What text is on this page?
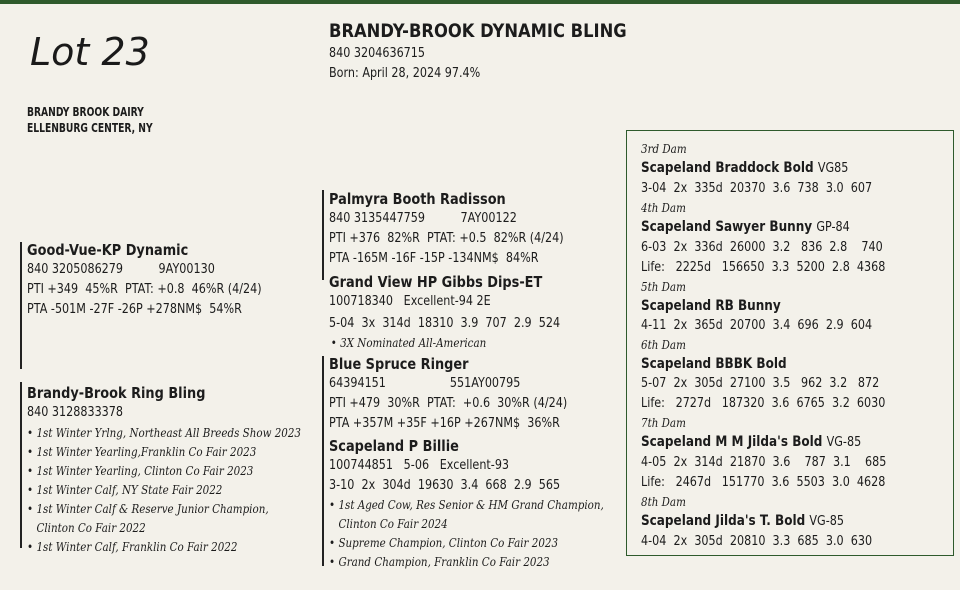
Lot 23
BRANDY BROOK DAIRY
ELLENBURG CENTER, NY
BRANDY-BROOK DYNAMIC BLING
840 3204636715
Born: April 28, 2024 97.4%
Good-Vue-KP Dynamic
840 3205086279          9AY00130
PTI +349  45%R  PTAT: +0.8  46%R (4/24)
PTA -501M -27F -26P +278NM$  54%R
Brandy-Brook Ring Bling
840 3128833378
• 1st Winter Yrlng, Northeast All Breeds Show 2023
• 1st Winter Yearling,Franklin Co Fair 2023
• 1st Winter Yearling, Clinton Co Fair 2023
• 1st Winter Calf, NY State Fair 2022
• 1st Winter Calf & Reserve Junior Champion,
Clinton Co Fair 2022
• 1st Winter Calf, Franklin Co Fair 2022
Palmyra Booth Radisson
840 3135447759          7AY00122
PTI +376  82%R  PTAT: +0.5  82%R (4/24)
PTA -165M -16F -15P -134NM$  84%R
Grand View HP Gibbs Dips-ET
100718340   Excellent-94 2E
5-04  3x  314d  18310  3.9  707  2.9  524
• 3X Nominated All-American
Blue Spruce Ringer
64394151                  551AY00795
PTI +479  30%R  PTAT:  +0.6  30%R (4/24)
PTA +357M +35F +16P +267NM$  36%R
Scapeland P Billie
100744851   5-06   Excellent-93
3-10  2x  304d  19630  3.4  668  2.9  565
• 1st Aged Cow, Res Senior & HM Grand Champion,
Clinton Co Fair 2024
• Supreme Champion, Clinton Co Fair 2023
• Grand Champion, Franklin Co Fair 2023
3rd Dam
Scapeland Braddock Bold VG85
3-04  2x  335d  20370  3.6  738  3.0  607
4th Dam
Scapeland Sawyer Bunny GP-84
6-03  2x  336d  26000  3.2   836  2.8    740
Life:   2225d   156650  3.3  5200  2.8  4368
5th Dam
Scapeland RB Bunny
4-11  2x  365d  20700  3.4  696  2.9  604
6th Dam
Scapeland BBBK Bold
5-07  2x  305d  27100  3.5   962  3.2   872
Life:   2727d   187320  3.6  6765  3.2  6030
7th Dam
Scapeland M M Jilda's Bold VG-85
4-05  2x  314d  21870  3.6    787  3.1    685
Life:   2467d   151770  3.6  5503  3.0  4628
8th Dam
Scapeland Jilda's T. Bold VG-85
4-04  2x  305d  20810  3.3  685  3.0  630
